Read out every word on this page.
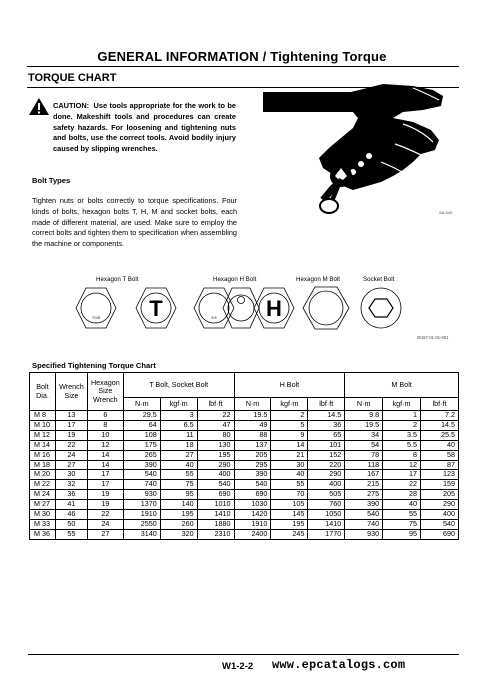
GENERAL INFORMATION / Tightening Torque
TORQUE CHART
CAUTION: Use tools appropriate for the work to be done. Makeshift tools and procedures can create safety hazards. For loosening and tightening nuts and bolts, use the correct tools. Avoid bodily injury caused by slipping wrenches.
Bolt Types
Tighten nuts or bolts correctly to torque specifications. Four kinds of bolts, hexagon bolts T, H, M and socket bolts, each made of different material, are used. Make sure to employ the correct bolts and tighten them to specification when assembling the machine or components.
SA-040
Hexagon T Bolt	Hexagon H Bolt	Hexagon M Bolt	Socket Bolt
7/1/5 T	5.5 H
W157-01-01-001
Specified Tightening Torque Chart
Bolt Dia.	Wrench Size	Hexagon Size Wrench	T Bolt, Socket Bolt			H Bolt			M Bolt		
			N·m	kgf·m	lbf·ft	N·m	kgf·m	lbf·ft	N·m	kgf·m	lbf·ft
M 8	13	6	29.5	3	22	19.5	2	14.5	9.8	1	7.2
M 10	17	8	64	6.5	47	49	5	36	19.5	2	14.5
M 12	19	10	108	11	80	88	9	65	34	3.5	25.5
M 14	22	12	175	18	130	137	14	101	54	5.5	40
M 16	24	14	265	27	195	205	21	152	78	8	58
M 18	27	14	390	40	290	295	30	220	118	12	87
M 20	30	17	540	55	400	390	40	290	167	17	123
M 22	32	17	740	75	540	540	55	400	215	22	159
M 24	36	19	930	95	690	690	70	505	275	28	205
M 27	41	19	1370	140	1010	1030	105	760	390	40	290
M 30	46	22	1910	195	1410	1420	145	1050	540	55	400
M 33	50	24	2550	260	1880	1910	195	1410	740	75	540
M 36	55	27	3140	320	2310	2400	245	1770	930	95	690
W1-2-2 www.epcatalogs.com
